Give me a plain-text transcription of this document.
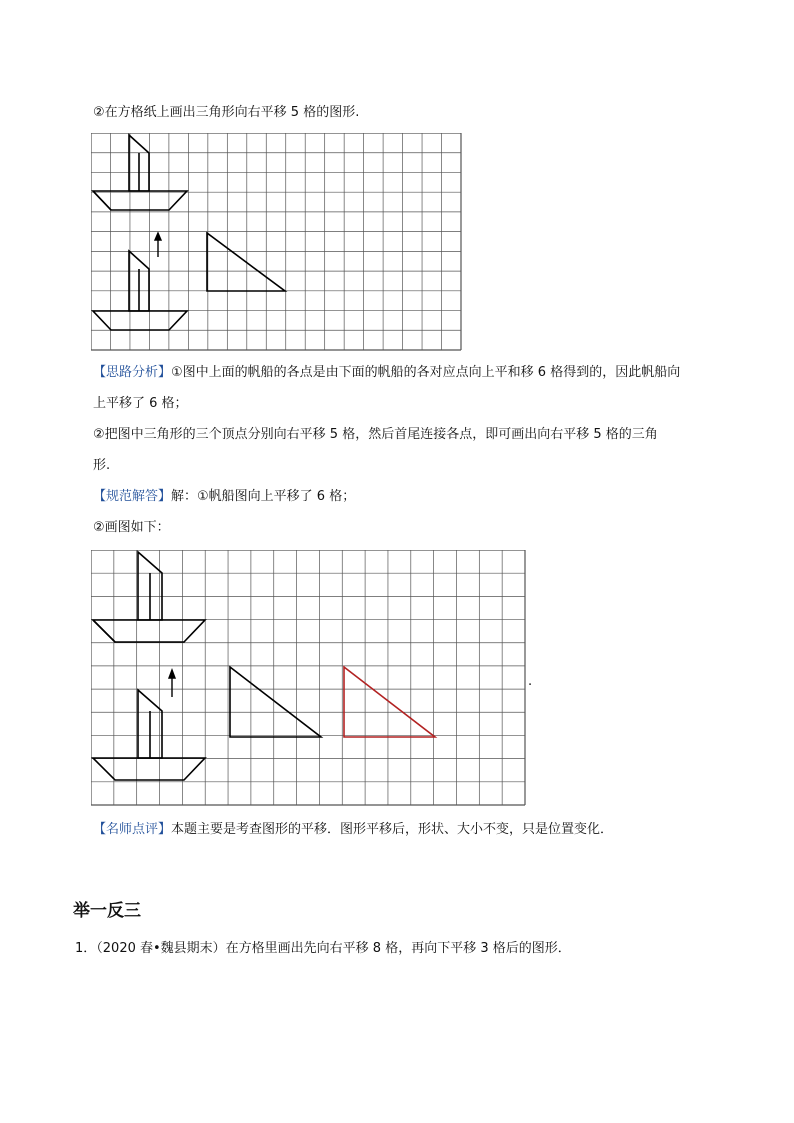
②在方格纸上画出三角形向右平移 5 格的图形.
【思路分析】①图中上面的帆船的各点是由下面的帆船的各对应点向上平和移 6 格得到的，因此帆船向
上平移了 6 格；
②把图中三角形的三个顶点分别向右平移 5 格，然后首尾连接各点，即可画出向右平移 5 格的三角
形.
【规范解答】解：①帆船图向上平移了 6 格；
②画图如下：
.
【名师点评】本题主要是考查图形的平移．图形平移后，形状、大小不变，只是位置变化．
举一反三
1．（2020 春•魏县期末）在方格里画出先向右平移 8 格，再向下平移 3 格后的图形．
